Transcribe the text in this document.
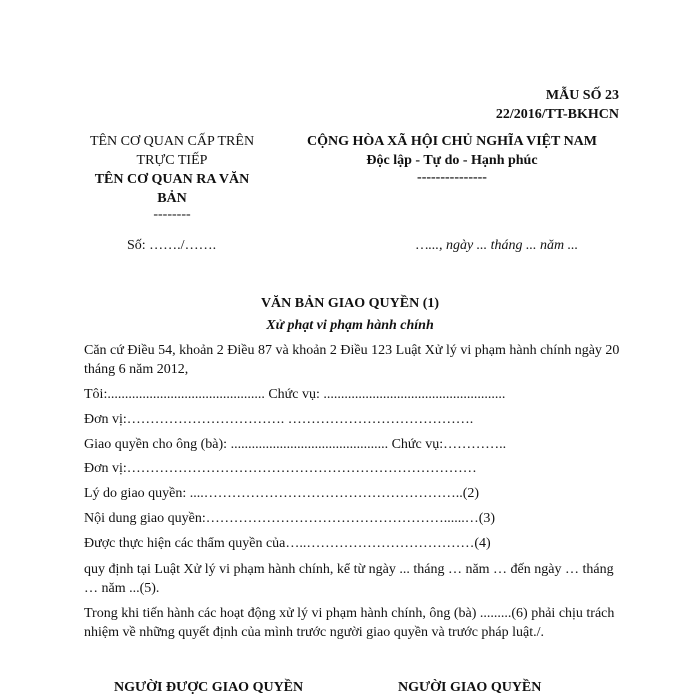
MẪU SỐ 23
22/2016/TT-BKHCN
TÊN CƠ QUAN CẤP TRÊN
TRỰC TIẾP
TÊN CƠ QUAN RA VĂN
BẢN
--------
Số: ……./…….
CỘNG HÒA XÃ HỘI CHỦ NGHĨA VIỆT NAM
Độc lập - Tự do - Hạnh phúc
---------------
…..., ngày ... tháng ... năm ...
VĂN BẢN GIAO QUYỀN (1)
Xử phạt vi phạm hành chính
Căn cứ Điều 54, khoản 2 Điều 87 và khoản 2 Điều 123 Luật Xử lý vi phạm hành chính ngày 20
tháng 6 năm 2012,
Tôi:............................................. Chức vụ: ....................................................
Đơn vị:……………………………. ………………………………….
Giao quyền cho ông (bà): ............................................. Chức vụ:…………..
Đơn vị:…………………………………………………………………
Lý do giao quyền: ....………………………………………………..(2)
Nội dung giao quyền:……………………………………………......…(3)
Được thực hiện các thẩm quyền của…..………………………………(4)
quy định tại Luật Xử lý vi phạm hành chính, kể từ ngày ... tháng … năm … đến ngày … tháng
… năm ...(5).
Trong khi tiến hành các hoạt động xử lý vi phạm hành chính, ông (bà) .........(6) phải chịu trách
nhiệm về những quyết định của mình trước người giao quyền và trước pháp luật./.
NGƯỜI ĐƯỢC GIAO QUYỀN	NGƯỜI GIAO QUYỀN
